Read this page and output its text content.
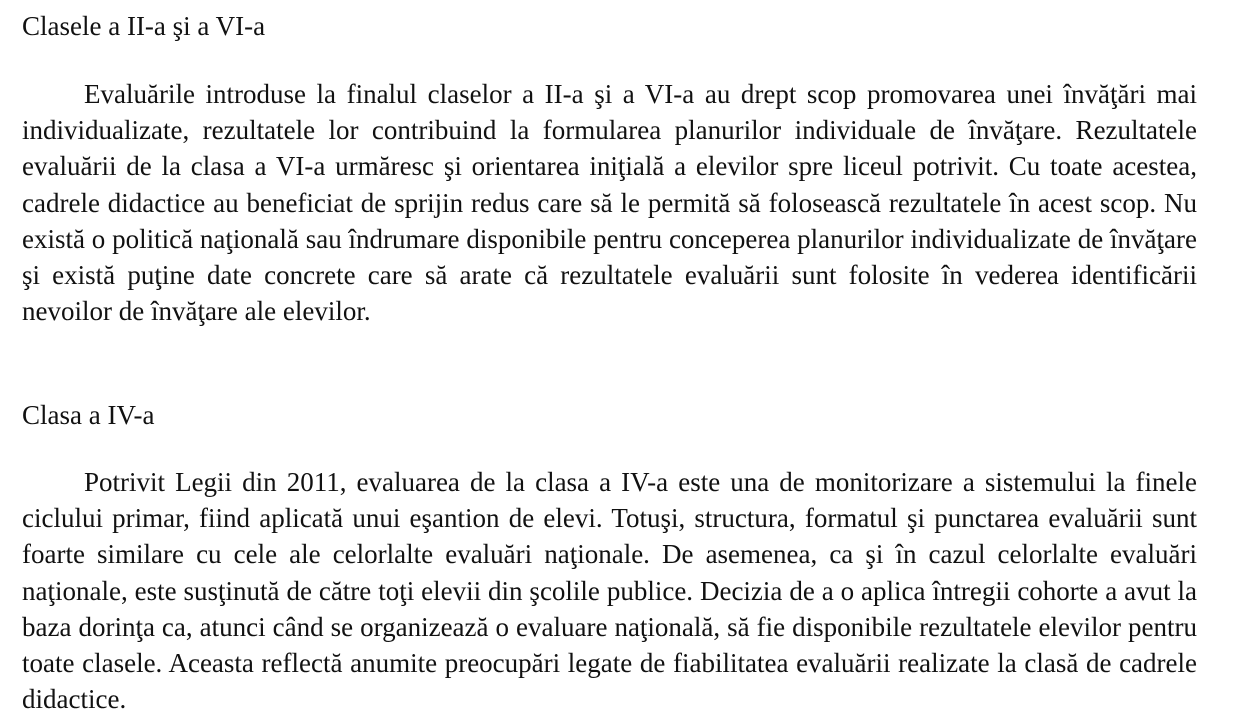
Clasele a II-a şi a VI-a

Evaluările introduse la finalul claselor a II-a şi a VI-a au drept scop promovarea unei învăţări mai individualizate, rezultatele lor contribuind la formularea planurilor individuale de învăţare. Rezultatele evaluării de la clasa a VI-a urmăresc şi orientarea iniţială a elevilor spre liceul potrivit. Cu toate acestea, cadrele didactice au beneficiat de sprijin redus care să le permită să folosească rezultatele în acest scop. Nu există o politică naţională sau îndrumare disponibile pentru conceperea planurilor individualizate de învăţare şi există puţine date concrete care să arate că rezultatele evaluării sunt folosite în vederea identificării nevoilor de învăţare ale elevilor.

Clasa a IV-a

Potrivit Legii din 2011, evaluarea de la clasa a IV-a este una de monitorizare a sistemului la finele ciclului primar, fiind aplicată unui eşantion de elevi. Totuşi, structura, formatul şi punctarea evaluării sunt foarte similare cu cele ale celorlalte evaluări naţionale. De asemenea, ca şi în cazul celorlalte evaluări naţionale, este susţinută de către toţi elevii din şcolile publice. Decizia de a o aplica întregii cohorte a avut la baza dorinţa ca, atunci când se organizează o evaluare naţională, să fie disponibile rezultatele elevilor pentru toate clasele. Aceasta reflectă anumite preocupări legate de fiabilitatea evaluării realizate la clasă de cadrele didactice.
